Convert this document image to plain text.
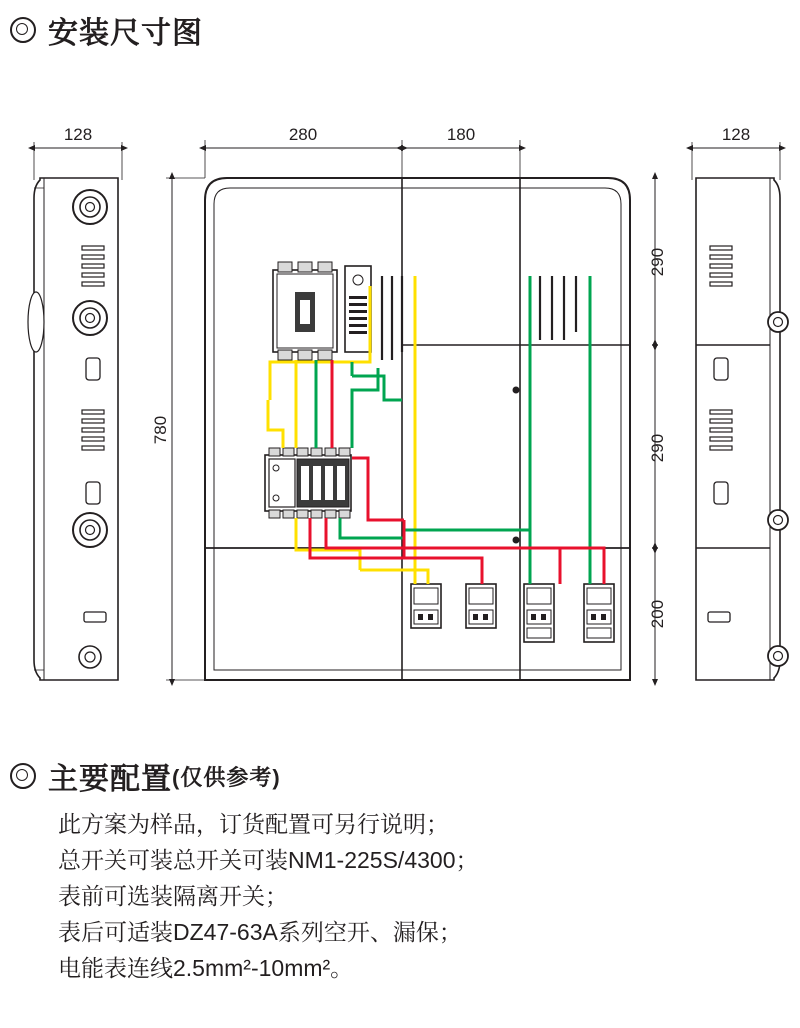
安装尺寸图
128	280	180
780
290
290
200
128
主要配置 (仅供参考)
此方案为样品，订货配置可另行说明；
总开关可装总开关可装NM1-225S/4300；
表前可选装隔离开关；
表后可适装DZ47-63A系列空开、漏保；
电能表连线2.5mm²-10mm²。
